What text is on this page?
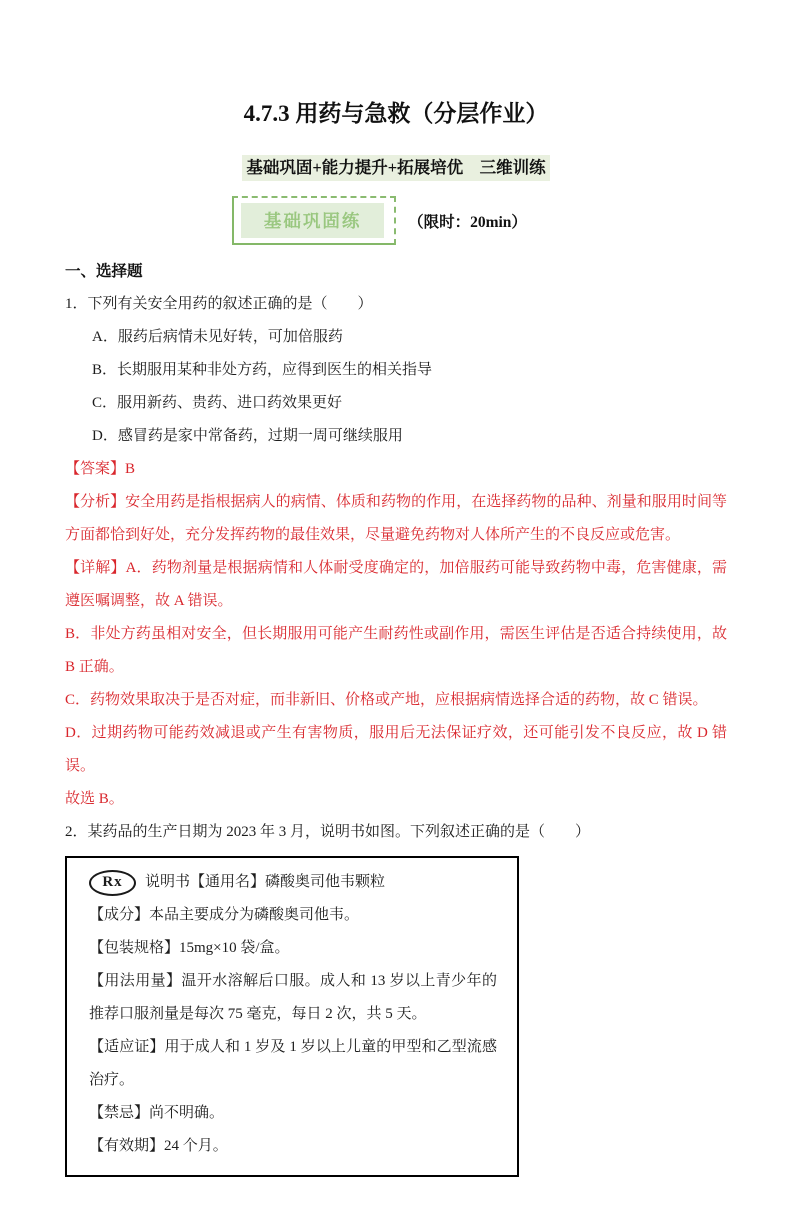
4.7.3 用药与急救（分层作业）
基础巩固+能力提升+拓展培优　三维训练
基础巩固练	（限时：20min）
一、选择题

1．下列有关安全用药的叙述正确的是（　　）

A．服药后病情未见好转，可加倍服药

B．长期服用某种非处方药，应得到医生的相关指导

C．服用新药、贵药、进口药效果更好

D．感冒药是家中常备药，过期一周可继续服用

【答案】B

【分析】安全用药是指根据病人的病情、体质和药物的作用，在选择药物的品种、剂量和服用时间等方面都恰到好处，充分发挥药物的最佳效果，尽量避免药物对人体所产生的不良反应或危害。

【详解】A．药物剂量是根据病情和人体耐受度确定的，加倍服药可能导致药物中毒，危害健康，需遵医嘱调整，故 A 错误。

B．非处方药虽相对安全，但长期服用可能产生耐药性或副作用，需医生评估是否适合持续使用，故 B 正确。

C．药物效果取决于是否对症，而非新旧、价格或产地，应根据病情选择合适的药物，故 C 错误。

D．过期药物可能药效减退或产生有害物质，服用后无法保证疗效，还可能引发不良反应，故 D 错误。

故选 B。

2．某药品的生产日期为 2023 年 3 月，说明书如图。下列叙述正确的是（　　）

Rx	说明书【通用名】磷酸奥司他韦颗粒

【成分】本品主要成分为磷酸奥司他韦。

【包装规格】15mg×10 袋/盒。

【用法用量】温开水溶解后口服。成人和 13 岁以上青少年的推荐口服剂量是每次 75 毫克，每日 2 次，共 5 天。

【适应证】用于成人和 1 岁及 1 岁以上儿童的甲型和乙型流感治疗。

【禁忌】尚不明确。

【有效期】24 个月。
